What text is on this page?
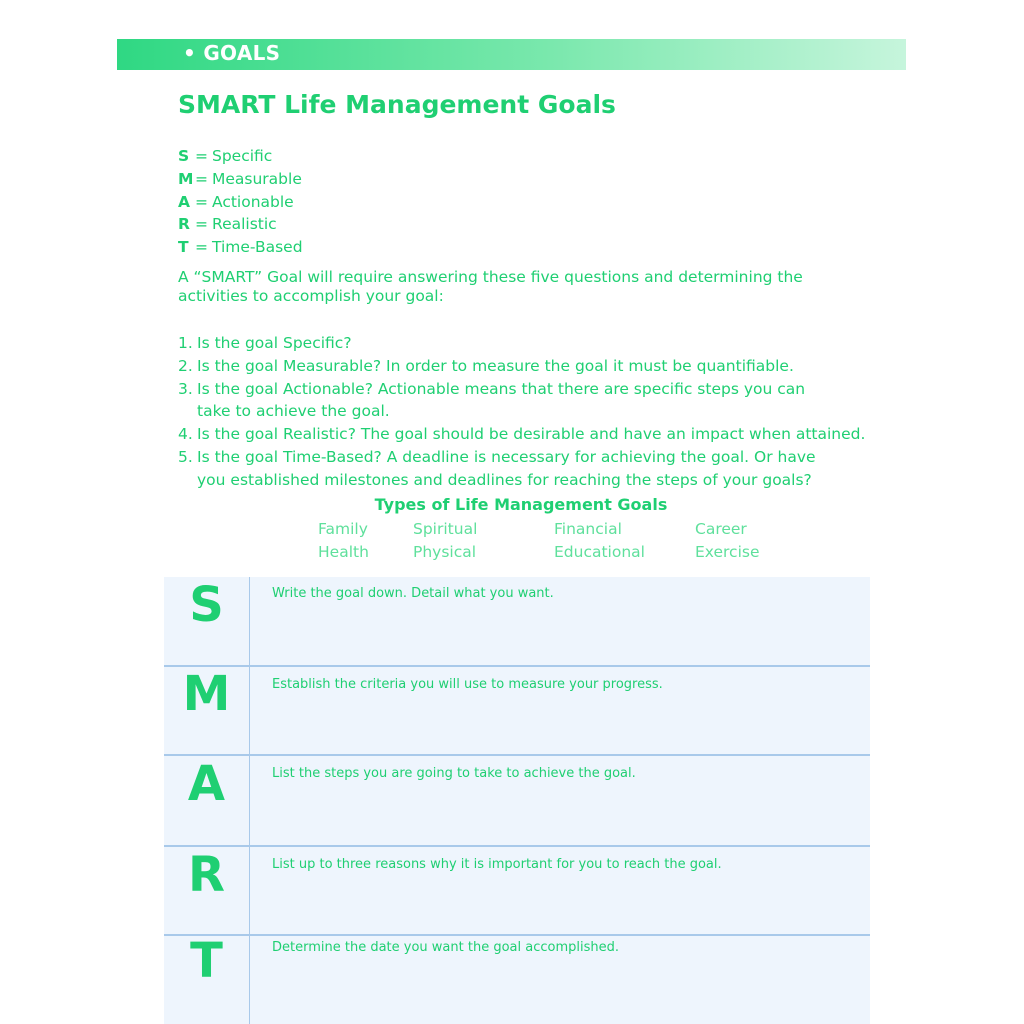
• GOALS
SMART Life Management Goals
S = Specific
M = Measurable
A = Actionable
R = Realistic
T = Time-Based

A “SMART” Goal will require answering these five questions and determining the activities to accomplish your goal:

1. Is the goal Specific?
2. Is the goal Measurable? In order to measure the goal it must be quantifiable.
3. Is the goal Actionable? Actionable means that there are specific steps you can take to achieve the goal.
4. Is the goal Realistic? The goal should be desirable and have an impact when attained.
5. Is the goal Time-Based? A deadline is necessary for achieving the goal. Or have you established milestones and deadlines for reaching the steps of your goals?
Types of Life Management Goals
Family	Spiritual	Financial	Career
Health	Physical	Educational	Exercise
S	Write the goal down. Detail what you want.
M	Establish the criteria you will use to measure your progress.
A	List the steps you are going to take to achieve the goal.
R	List up to three reasons why it is important for you to reach the goal.
T	Determine the date you want the goal accomplished.
